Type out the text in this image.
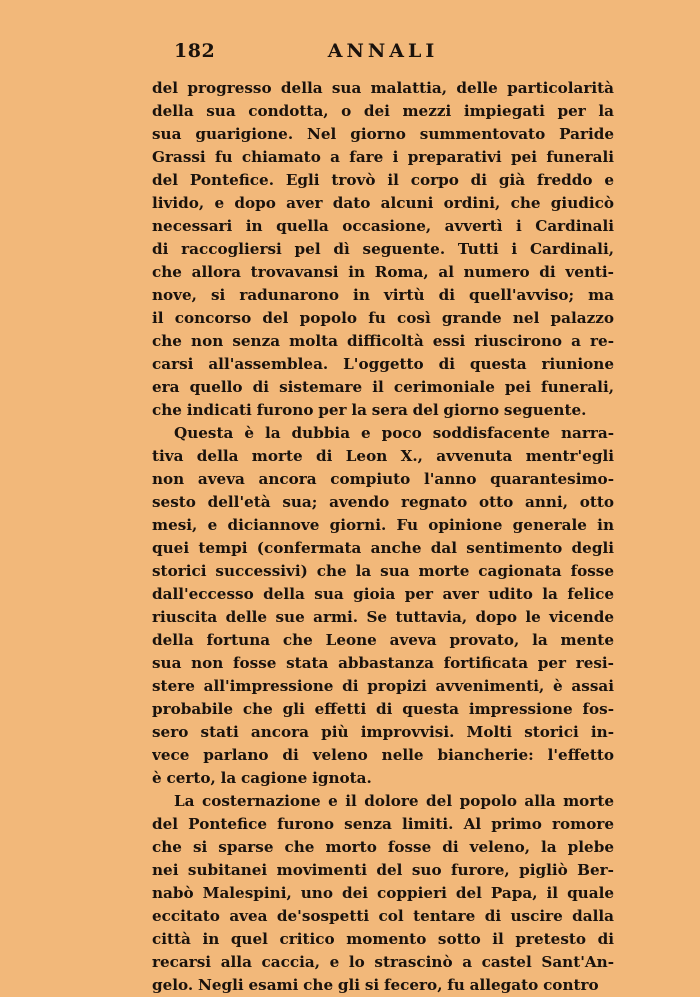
182	ANNALI
del progresso della sua malattia, delle particolarità
della sua condotta, o dei mezzi impiegati per la
sua guarigione. Nel giorno summentovato Paride
Grassi fu chiamato a fare i preparativi pei funerali
del Pontefice. Egli trovò il corpo di già freddo e
livido, e dopo aver dato alcuni ordini, che giudicò
necessari in quella occasione, avvertì i Cardinali
di raccogliersi pel dì seguente. Tutti i Cardinali,
che allora trovavansi in Roma, al numero di venti-
nove, si radunarono in virtù di quell'avviso; ma
il concorso del popolo fu così grande nel palazzo
che non senza molta difficoltà essi riuscirono a re-
carsi all'assemblea. L'oggetto di questa riunione
era quello di sistemare il cerimoniale pei funerali,
che indicati furono per la sera del giorno seguente.
Questa è la dubbia e poco soddisfacente narra-
tiva della morte di Leon X., avvenuta mentr'egli
non aveva ancora compiuto l'anno quarantesimo-
sesto dell'età sua; avendo regnato otto anni, otto
mesi, e diciannove giorni. Fu opinione generale in
quei tempi (confermata anche dal sentimento degli
storici successivi) che la sua morte cagionata fosse
dall'eccesso della sua gioia per aver udito la felice
riuscita delle sue armi. Se tuttavia, dopo le vicende
della fortuna che Leone aveva provato, la mente
sua non fosse stata abbastanza fortificata per resi-
stere all'impressione di propizi avvenimenti, è assai
probabile che gli effetti di questa impressione fos-
sero stati ancora più improvvisi. Molti storici in-
vece parlano di veleno nelle biancherie: l'effetto
è certo, la cagione ignota.
La costernazione e il dolore del popolo alla morte
del Pontefice furono senza limiti. Al primo romore
che si sparse che morto fosse di veleno, la plebe
nei subitanei movimenti del suo furore, pigliò Ber-
nabò Malespini, uno dei coppieri del Papa, il quale
eccitato avea de'sospetti col tentare di uscire dalla
città in quel critico momento sotto il pretesto di
recarsi alla caccia, e lo strascinò a castel Sant'An-
gelo. Negli esami che gli si fecero, fu allegato contro
